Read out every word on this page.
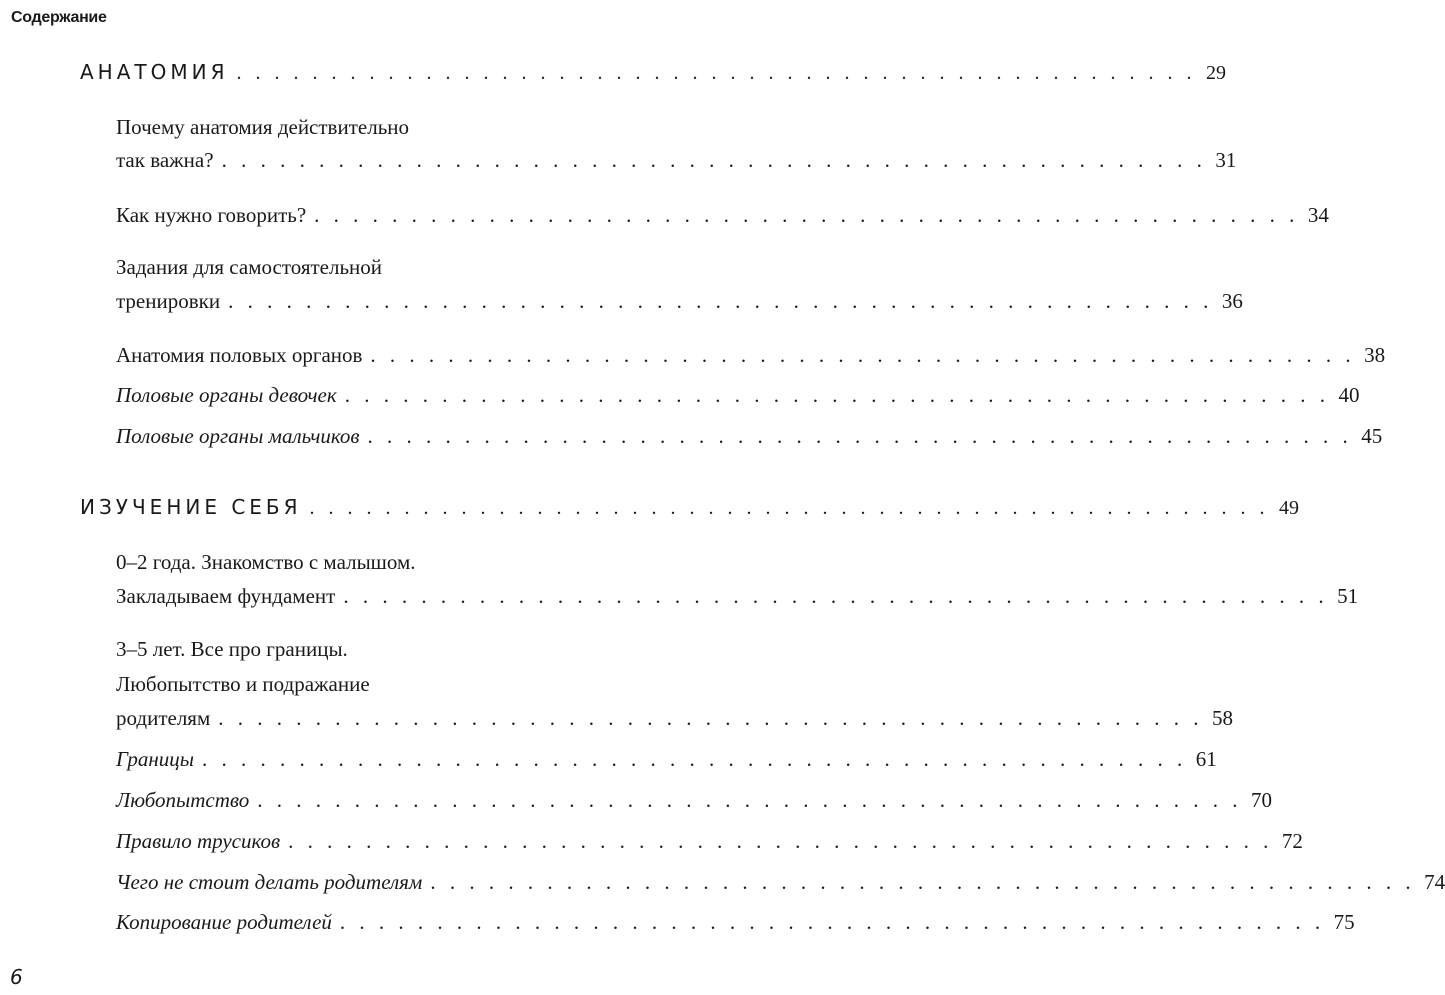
Содержание
АНАТОМИЯ . . . . . . . . . . . . . . . . . . . . . . . . . . . . . . . . . . . . . . . . . . . . . . . . . . . 29
Почему анатомия действительно
так важна? . . . . . . . . . . . . . . . . . . . . . . . . . . . . . . . . . . . . . . . . . . . . . . . . . . . 31
Как нужно говорить? . . . . . . . . . . . . . . . . . . . . . . . . . . . . . . . . . . . . . . . . . . . . . . . . . . . 34
Задания для самостоятельной
тренировки . . . . . . . . . . . . . . . . . . . . . . . . . . . . . . . . . . . . . . . . . . . . . . . . . . . 36
Анатомия половых органов . . . . . . . . . . . . . . . . . . . . . . . . . . . . . . . . . . . . . . . . . . . . . . . . . . . 38
Половые органы девочек . . . . . . . . . . . . . . . . . . . . . . . . . . . . . . . . . . . . . . . . . . . . . . . . . . . 40
Половые органы мальчиков . . . . . . . . . . . . . . . . . . . . . . . . . . . . . . . . . . . . . . . . . . . . . . . . . . . 45
ИЗУЧЕНИЕ СЕБЯ . . . . . . . . . . . . . . . . . . . . . . . . . . . . . . . . . . . . . . . . . . . . . . . . . . . 49
0–2 года. Знакомство с малышом.
Закладываем фундамент . . . . . . . . . . . . . . . . . . . . . . . . . . . . . . . . . . . . . . . . . . . . . . . . . . . 51
3–5 лет. Все про границы.
Любопытство и подражание
родителям . . . . . . . . . . . . . . . . . . . . . . . . . . . . . . . . . . . . . . . . . . . . . . . . . . . 58
Границы . . . . . . . . . . . . . . . . . . . . . . . . . . . . . . . . . . . . . . . . . . . . . . . . . . . 61
Любопытство . . . . . . . . . . . . . . . . . . . . . . . . . . . . . . . . . . . . . . . . . . . . . . . . . . . 70
Правило трусиков . . . . . . . . . . . . . . . . . . . . . . . . . . . . . . . . . . . . . . . . . . . . . . . . . . . 72
Чего не стоит делать родителям . . . . . . . . . . . . . . . . . . . . . . . . . . . . . . . . . . . . . . . . . . . . . . . . . . . 74
Копирование родителей . . . . . . . . . . . . . . . . . . . . . . . . . . . . . . . . . . . . . . . . . . . . . . . . . . . 75
6
